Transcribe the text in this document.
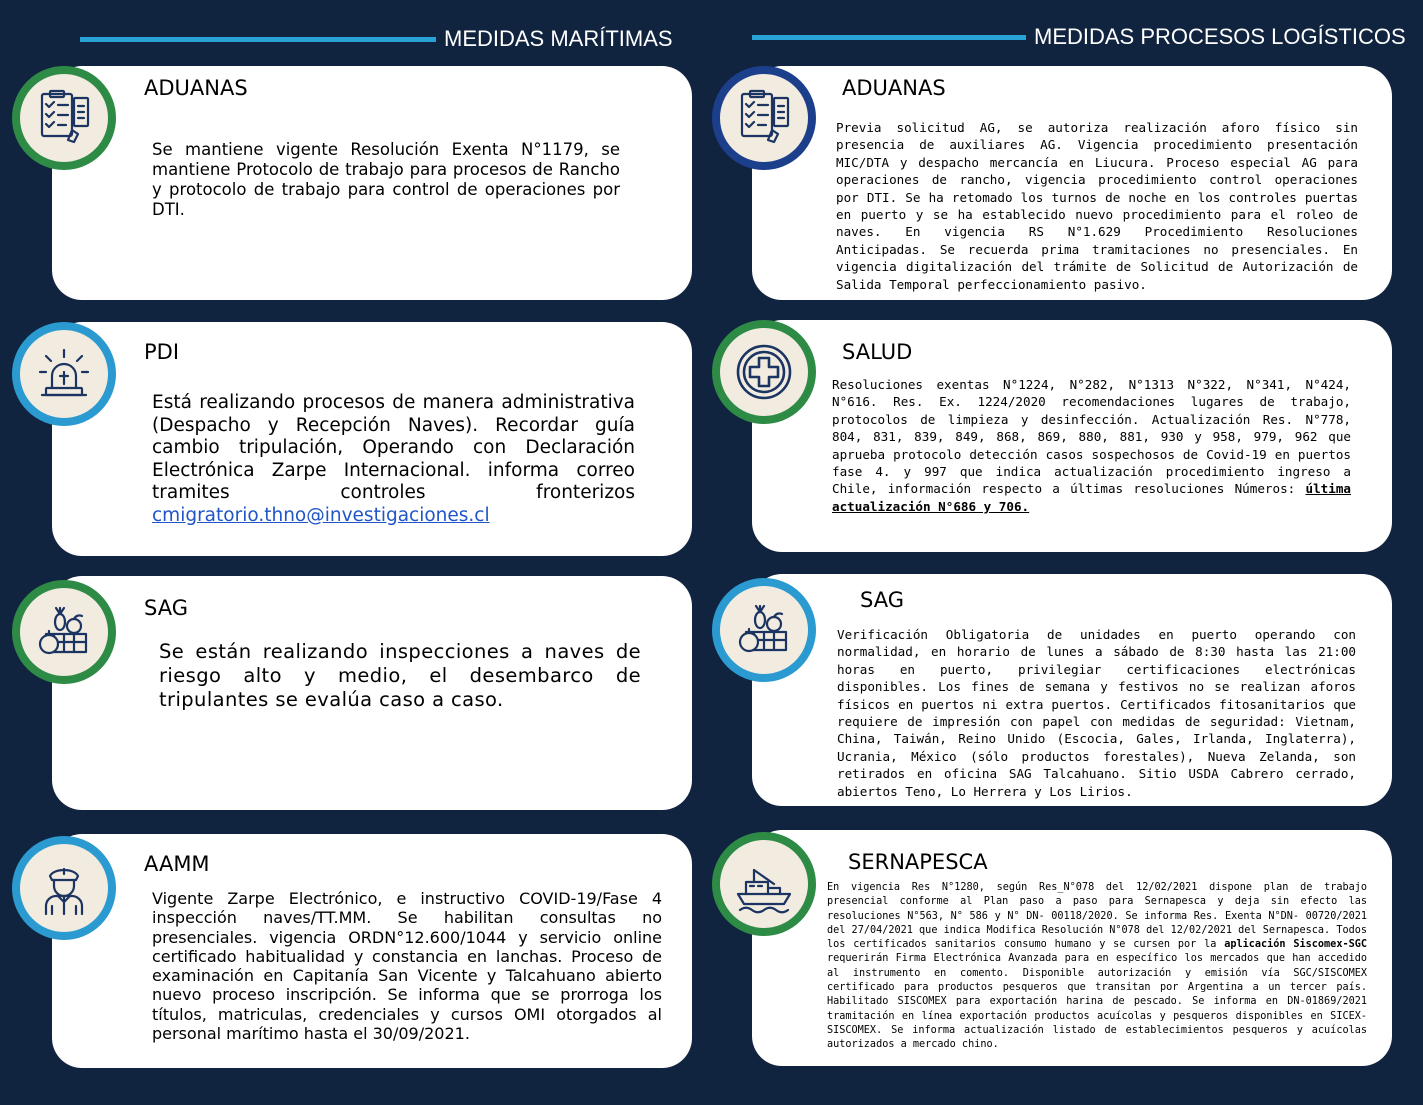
MEDIDAS MARÍTIMAS	MEDIDAS PROCESOS LOGÍSTICOS
ADUANAS
Se mantiene vigente Resolución Exenta N°1179, se mantiene Protocolo de trabajo para procesos de Rancho y protocolo de trabajo para control de operaciones por DTI.
PDI
Está realizando procesos de manera administrativa (Despacho y Recepción Naves). Recordar guía cambio tripulación, Operando con Declaración Electrónica Zarpe Internacional. informa correo tramites controles fronterizos cmigratorio.thno@investigaciones.cl
SAG
Se están realizando inspecciones a naves de riesgo alto y medio, el desembarco de tripulantes se evalúa caso a caso.
AAMM
Vigente Zarpe Electrónico, e instructivo COVID-19/Fase 4 inspección naves/TT.MM. Se habilitan consultas no presenciales. vigencia ORDN°12.600/1044 y servicio online certificado habitualidad y constancia en lanchas. Proceso de examinación en Capitanía San Vicente y Talcahuano abierto nuevo proceso inscripción. Se informa que se prorroga los títulos, matriculas, credenciales y cursos OMI otorgados al personal marítimo hasta el 30/09/2021.
ADUANAS
Previa solicitud AG, se autoriza realización aforo físico sin presencia de auxiliares AG. Vigencia procedimiento presentación MIC/DTA y despacho mercancía en Liucura. Proceso especial AG para operaciones de rancho, vigencia procedimiento control operaciones por DTI. Se ha retomado los turnos de noche en los controles puertas en puerto y se ha establecido nuevo procedimiento para el roleo de naves. En vigencia RS N°1.629 Procedimiento Resoluciones Anticipadas. Se recuerda prima tramitaciones no presenciales. En vigencia digitalización del trámite de Solicitud de Autorización de Salida Temporal perfeccionamiento pasivo.
SALUD
Resoluciones exentas N°1224, N°282, N°1313 N°322, N°341, N°424, N°616. Res. Ex. 1224/2020 recomendaciones lugares de trabajo, protocolos de limpieza y desinfección. Actualización Res. N°778, 804, 831, 839, 849, 868, 869, 880, 881, 930 y 958, 979, 962 que aprueba protocolo detección casos sospechosos de Covid-19 en puertos fase 4. y 997 que indica actualización procedimiento ingreso a Chile, información respecto a últimas resoluciones Números: última actualización N°686 y 706.
SAG
Verificación Obligatoria de unidades en puerto operando con normalidad, en horario de lunes a sábado de 8:30 hasta las 21:00 horas en puerto, privilegiar certificaciones electrónicas disponibles. Los fines de semana y festivos no se realizan aforos físicos en puertos ni extra puertos. Certificados fitosanitarios que requiere de impresión con papel con medidas de seguridad: Vietnam, China, Taiwán, Reino Unido (Escocia, Gales, Irlanda, Inglaterra), Ucrania, México (sólo productos forestales), Nueva Zelanda, son retirados en oficina SAG Talcahuano. Sitio USDA Cabrero cerrado, abiertos Teno, Lo Herrera y Los Lirios.
SERNAPESCA
En vigencia Res N°1280, según Res_N°078 del 12/02/2021 dispone plan de trabajo presencial conforme al Plan paso a paso para Sernapesca y deja sin efecto las resoluciones N°563, N° 586 y N° DN- 00118/2020. Se informa Res. Exenta N°DN- 00720/2021 del 27/04/2021 que indica Modifica Resolución N°078 del 12/02/2021 del Sernapesca. Todos los certificados sanitarios consumo humano y se cursen por la aplicación Siscomex-SGC requerirán Firma Electrónica Avanzada para en específico los mercados que han accedido al instrumento en comento. Disponible autorización y emisión vía SGC/SISCOMEX certificado para productos pesqueros que transitan por Argentina a un tercer país. Habilitado SISCOMEX para exportación harina de pescado. Se informa en DN-01869/2021 tramitación en línea exportación productos acuícolas y pesqueros disponibles en SICEX-SISCOMEX. Se informa actualización listado de establecimientos pesqueros y acuícolas autorizados a mercado chino.
